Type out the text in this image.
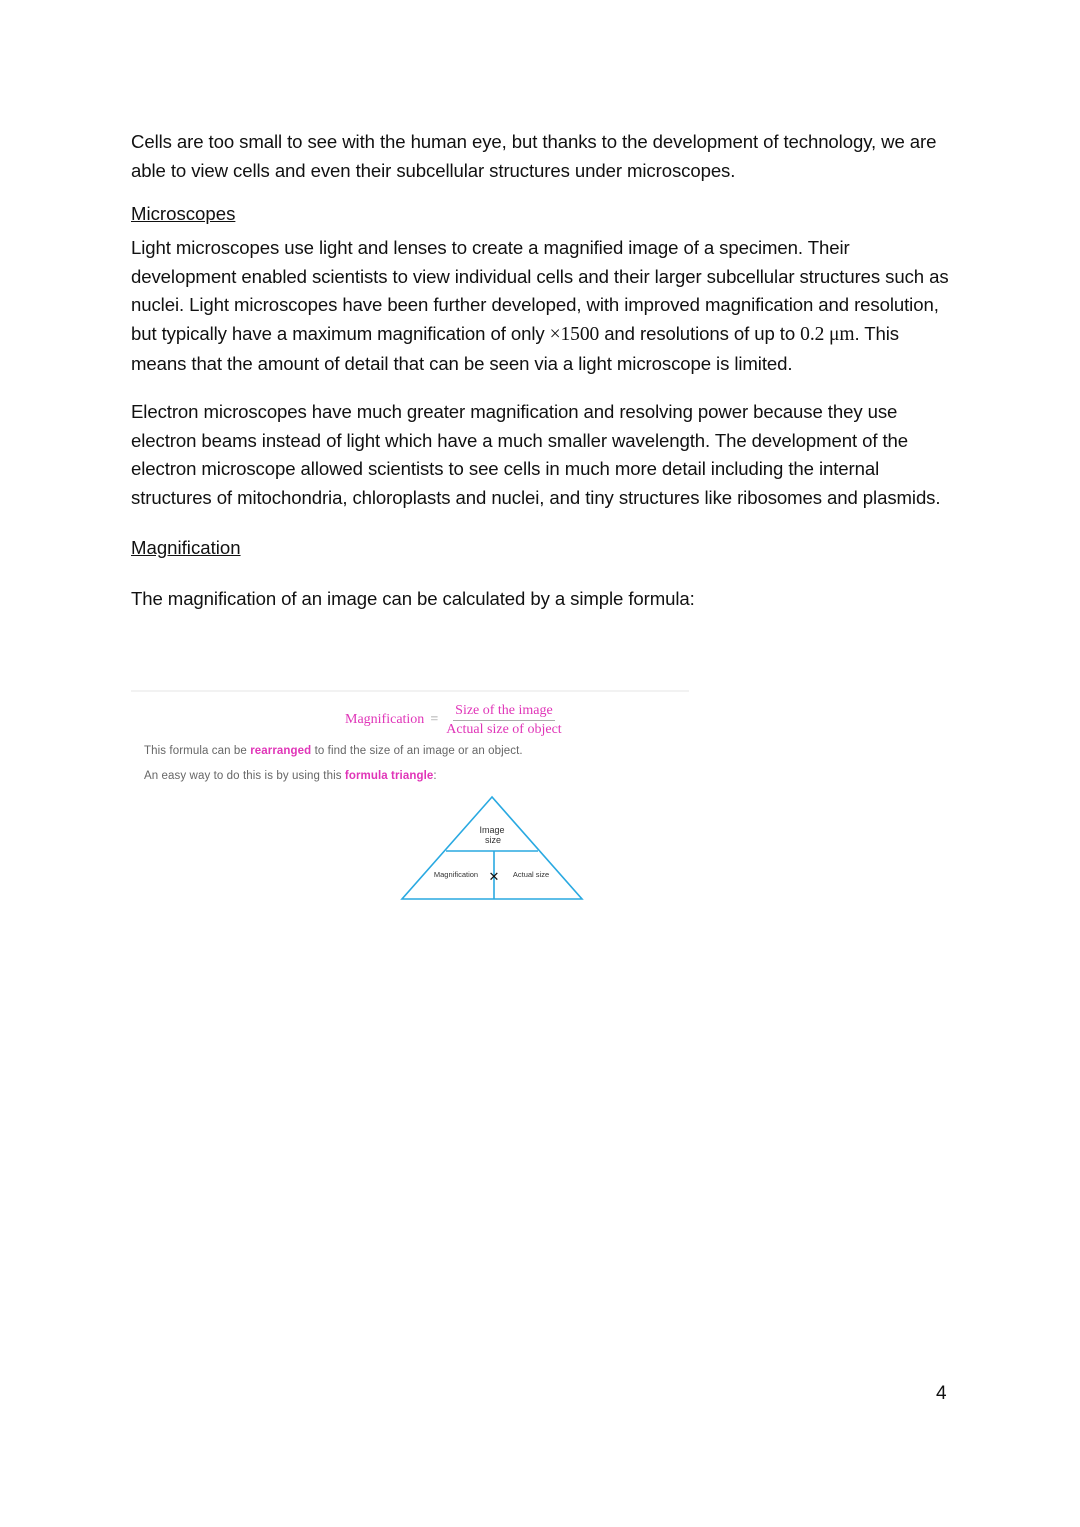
Cells are too small to see with the human eye, but thanks to the development of technology, we are able to view cells and even their subcellular structures under microscopes.

Microscopes

Light microscopes use light and lenses to create a magnified image of a specimen. Their development enabled scientists to view individual cells and their larger subcellular structures such as nuclei. Light microscopes have been further developed, with improved magnification and resolution, but typically have a maximum magnification of only ×1500 and resolutions of up to 0.2 μm. This means that the amount of detail that can be seen via a light microscope is limited.

Electron microscopes have much greater magnification and resolving power because they use electron beams instead of light which have a much smaller wavelength. The development of the electron microscope allowed scientists to see cells in much more detail including the internal structures of mitochondria, chloroplasts and nuclei, and tiny structures like ribosomes and plasmids.

Magnification

The magnification of an image can be calculated by a simple formula:

Magnification = $\frac{\text{Size of the image}}{\text{Actual size of object}}$
This formula can be rearranged to find the size of an image or an object.
An easy way to do this is by using this formula triangle:
Image
size
Magnification ✕ Actual size
4
